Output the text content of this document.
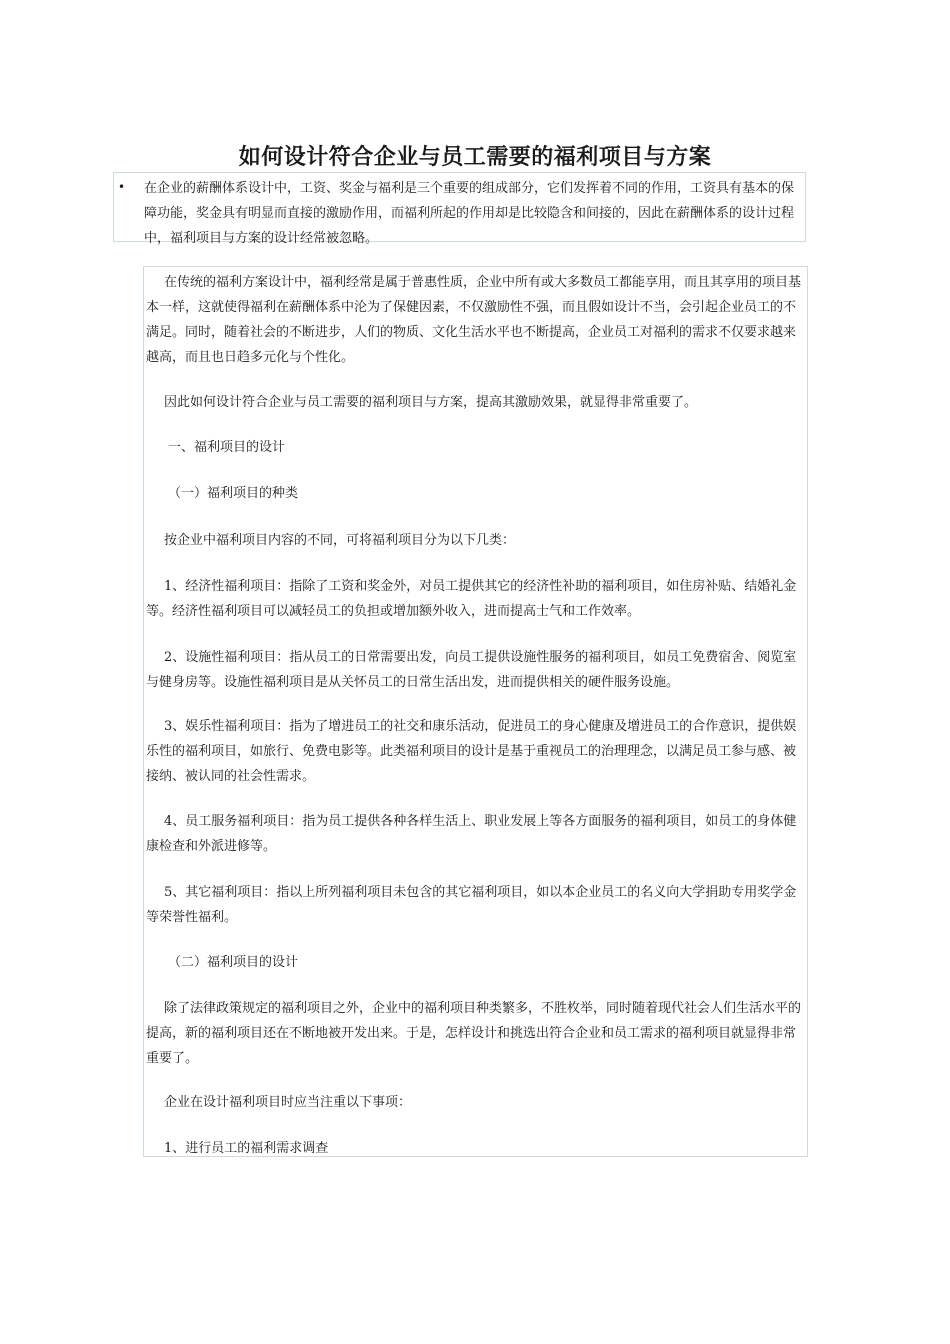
如何设计符合企业与员工需要的福利项目与方案
• 在企业的薪酬体系设计中，工资、奖金与福利是三个重要的组成部分，它们发挥着不同的作用，工资具有基本的保障功能，奖金具有明显而直接的激励作用，而福利所起的作用却是比较隐含和间接的，因此在薪酬体系的设计过程中，福利项目与方案的设计经常被忽略。

在传统的福利方案设计中，福利经常是属于普惠性质，企业中所有或大多数员工都能享用，而且其享用的项目基本一样，这就使得福利在薪酬体系中沦为了保健因素，不仅激励性不强，而且假如设计不当，会引起企业员工的不满足。同时，随着社会的不断进步，人们的物质、文化生活水平也不断提高，企业员工对福利的需求不仅要求越来越高，而且也日趋多元化与个性化。

因此如何设计符合企业与员工需要的福利项目与方案，提高其激励效果，就显得非常重要了。

一、福利项目的设计

（一）福利项目的种类

按企业中福利项目内容的不同，可将福利项目分为以下几类：

1、经济性福利项目：指除了工资和奖金外，对员工提供其它的经济性补助的福利项目，如住房补贴、结婚礼金等。经济性福利项目可以减轻员工的负担或增加额外收入，进而提高士气和工作效率。

2、设施性福利项目：指从员工的日常需要出发，向员工提供设施性服务的福利项目，如员工免费宿舍、阅览室与健身房等。设施性福利项目是从关怀员工的日常生活出发，进而提供相关的硬件服务设施。

3、娱乐性福利项目：指为了增进员工的社交和康乐活动，促进员工的身心健康及增进员工的合作意识，提供娱乐性的福利项目，如旅行、免费电影等。此类福利项目的设计是基于重视员工的治理理念，以满足员工参与感、被接纳、被认同的社会性需求。

4、员工服务福利项目：指为员工提供各种各样生活上、职业发展上等各方面服务的福利项目，如员工的身体健康检查和外派进修等。

5、其它福利项目：指以上所列福利项目未包含的其它福利项目，如以本企业员工的名义向大学捐助专用奖学金等荣誉性福利。

（二）福利项目的设计

除了法律政策规定的福利项目之外，企业中的福利项目种类繁多，不胜枚举，同时随着现代社会人们生活水平的提高，新的福利项目还在不断地被开发出来。于是，怎样设计和挑选出符合企业和员工需求的福利项目就显得非常重要了。

企业在设计福利项目时应当注重以下事项：

1、进行员工的福利需求调查
